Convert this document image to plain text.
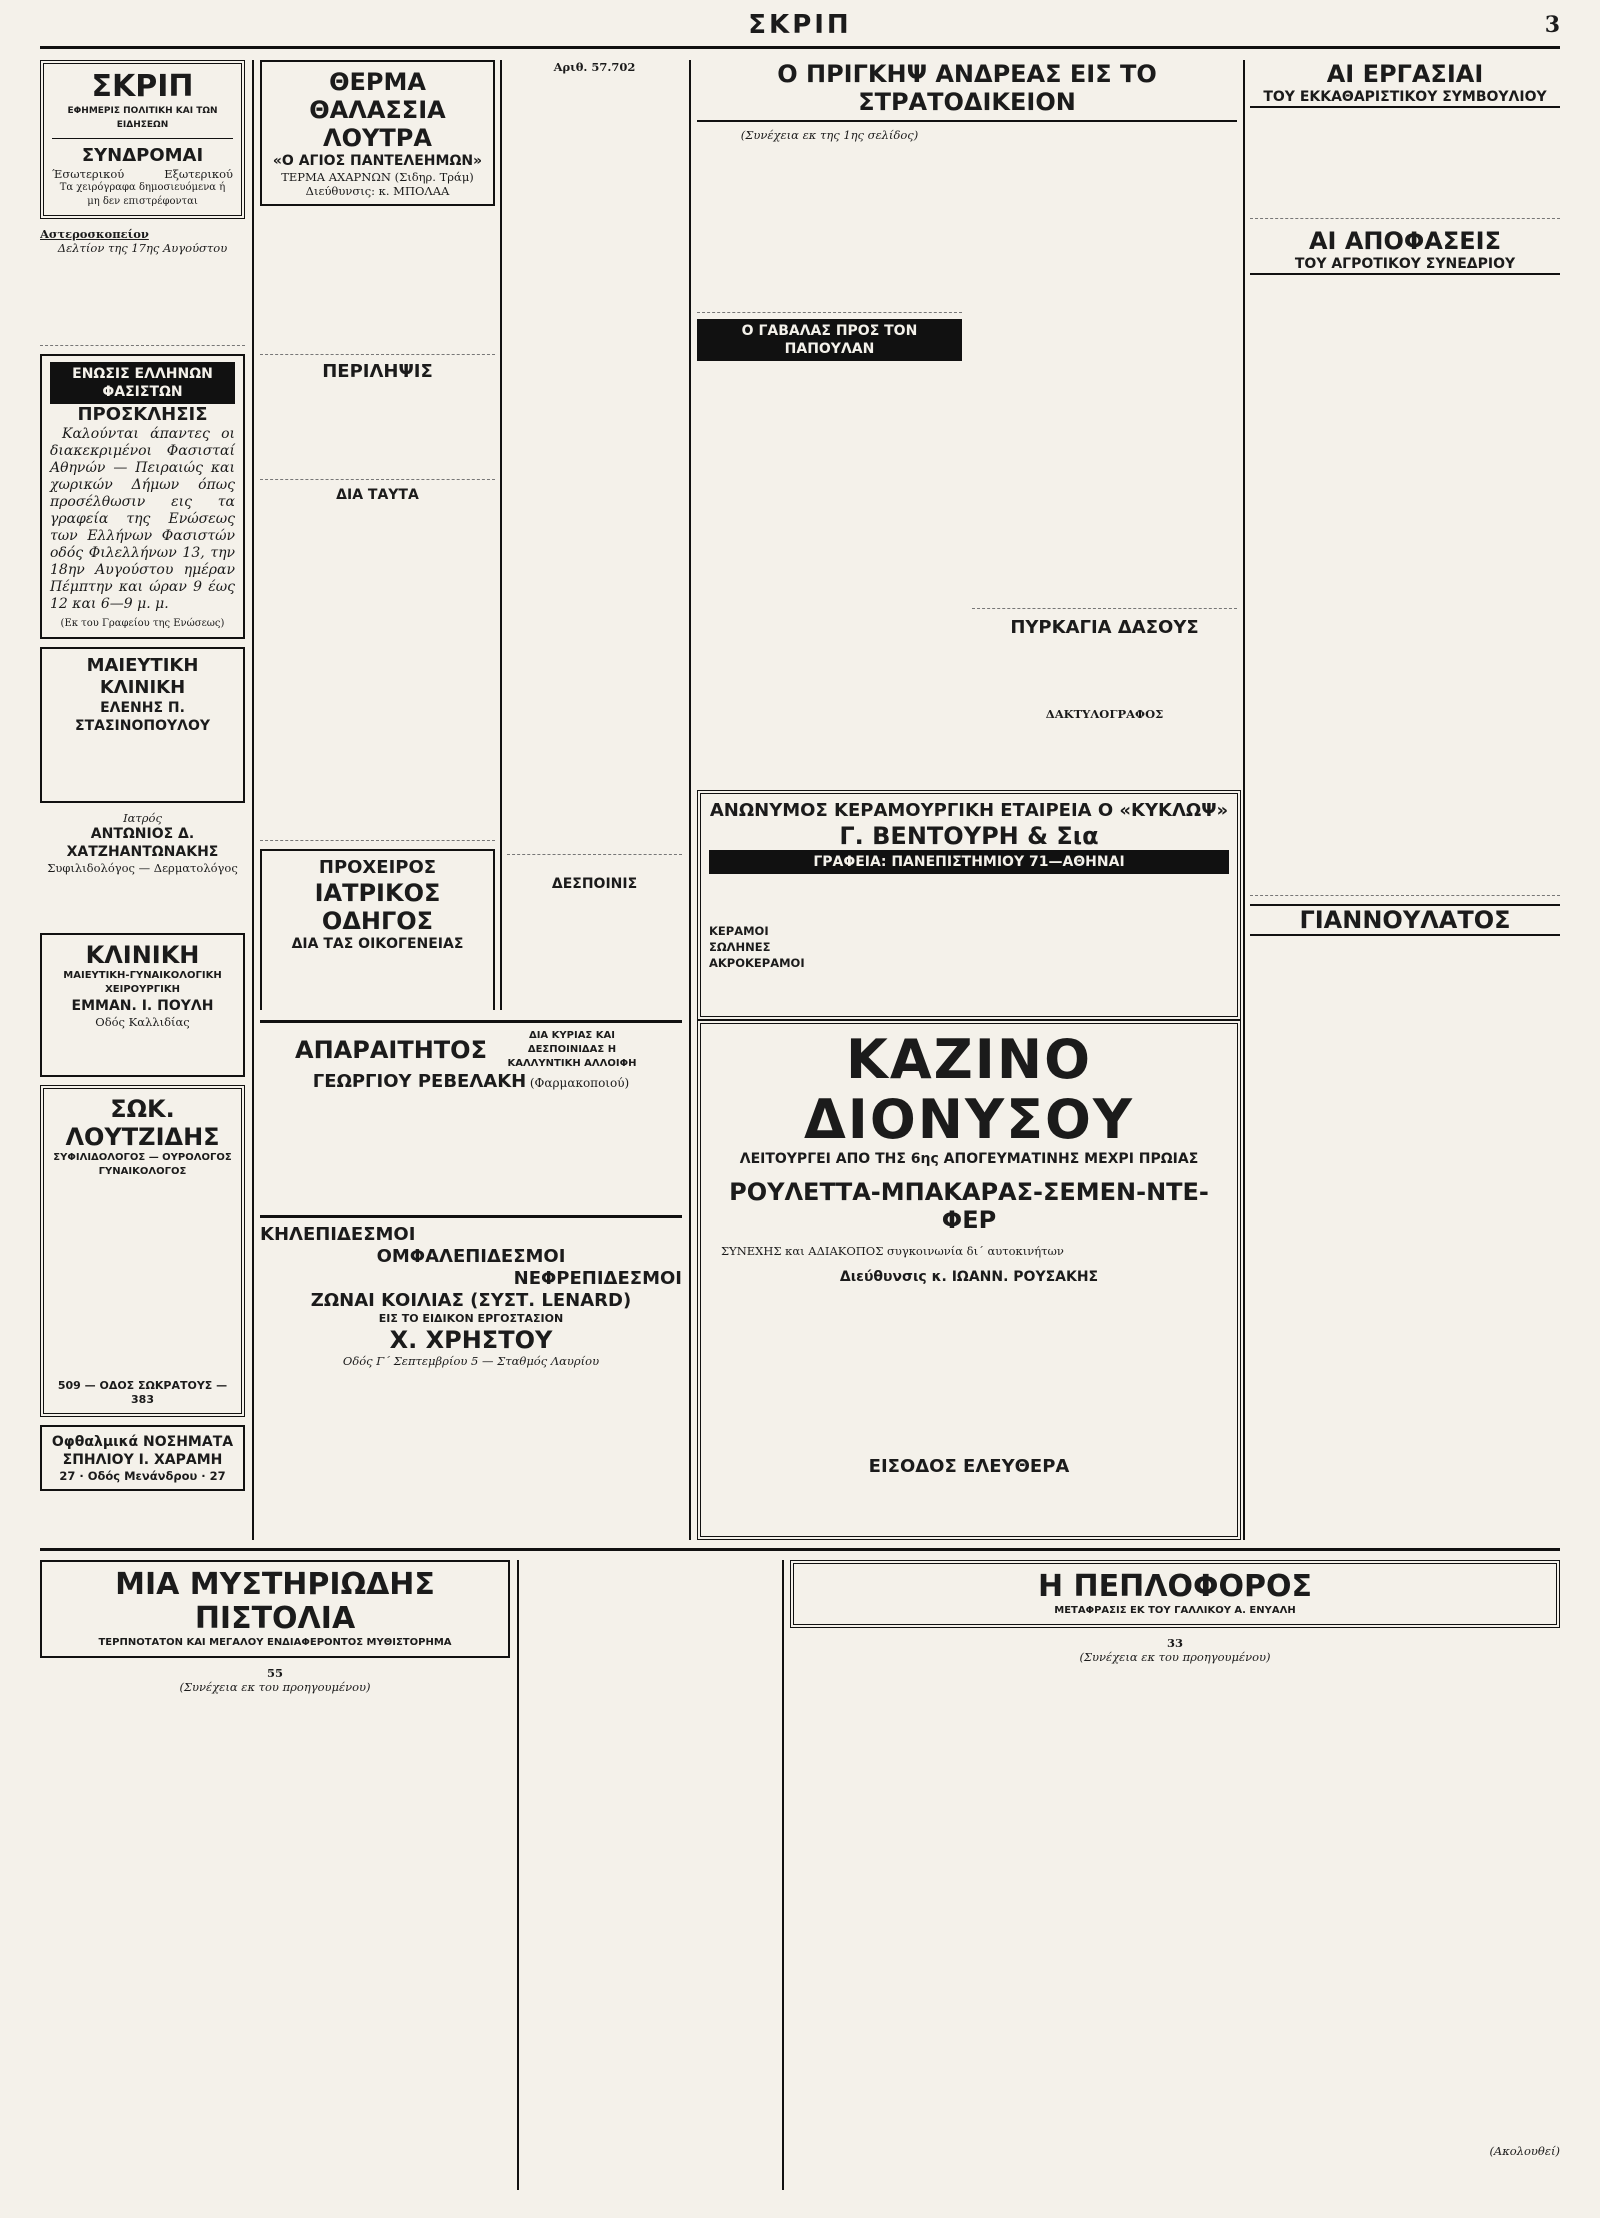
ΣΚΡΙΠ	3
ΣΚΡΙΠ
ΕΦΗΜΕΡΙΣ ΠΟΛΙΤΙΚΗ ΚΑΙ ΤΩΝ ΕΙΔΗΣΕΩΝ
ΣΥΝΔΡΟΜΑΙ
Έσωτερικού	Εξωτερικού
Τα χειρόγραφα δημοσιευόμενα ή μη δεν επιστρέφονται
Αστεροσκοπείον
Δελτίον της 17ης Αυγούστου
ΕΝΩΣΙΣ ΕΛΛΗΝΩΝ ΦΑΣΙΣΤΩΝ
ΠΡΟΣΚΛΗΣΙΣ

Καλούνται άπαντες οι διακεκριμένοι Φασισταί Αθηνών — Πειραιώς και χωρικών Δήμων όπως προσέλθωσιν εις τα γραφεία της Ενώσεως των Ελλήνων Φασιστών οδός Φιλελλήνων 13, την 18ην Αυγούστου ημέραν Πέμπτην και ώραν 9 έως 12 και 6—9 μ. μ.

(Εκ του Γραφείου της Ενώσεως)
ΜΑΙΕΥΤΙΚΗ ΚΛΙΝΙΚΗ
ΕΛΕΝΗΣ Π. ΣΤΑΣΙΝΟΠΟΥΛΟΥ
Ιατρός
ΑΝΤΩΝΙΟΣ Δ. ΧΑΤΖΗΑΝΤΩΝΑΚΗΣ
Συφιλιδολόγος — Δερματολόγος
ΚΛΙΝΙΚΗ
ΜΑΙΕΥΤΙΚΗ-ΓΥΝΑΙΚΟΛΟΓΙΚΗ ΧΕΙΡΟΥΡΓΙΚΗ
ΕΜΜΑΝ. Ι. ΠΟΥΛΗ
Οδός Καλλιδίας
ΣΩΚ. ΛΟΥΤΖΙΔΗΣ
ΣΥΦΙΛΙΔΟΛΟΓΟΣ — ΟΥΡΟΛΟΓΟΣ ΓΥΝΑΙΚΟΛΟΓΟΣ
509 — ΟΔΟΣ ΣΩΚΡΑΤΟΥΣ — 383
Οφθαλμικά ΝΟΣΗΜΑΤΑ
ΣΠΗΛΙΟΥ Ι. ΧΑΡΑΜΗ
27 · Οδός Μενάνδρου · 27
ΘΕΡΜΑ ΘΑΛΑΣΣΙΑ ΛΟΥΤΡΑ
«Ο ΑΓΙΟΣ ΠΑΝΤΕΛΕΗΜΩΝ»
ΤΕΡΜΑ ΑΧΑΡΝΩΝ (Σιδηρ. Τράμ)
Διεύθυνσις: κ. ΜΠΟΛΑΑ
ΠΕΡΙΛΗΨΙΣ
ΔΙΑ ΤΑΥΤΑ
ΠΡΟΧΕΙΡΟΣ
ΙΑΤΡΙΚΟΣ ΟΔΗΓΟΣ
ΔΙΑ ΤΑΣ ΟΙΚΟΓΕΝΕΙΑΣ
Αριθ. 57.702
ΔΕΣΠΟΙΝΙΣ
ΑΠΑΡΑΙΤΗΤΟΣ
ΔΙΑ ΚΥΡΙΑΣ ΚΑΙ ΔΕΣΠΟΙΝΙΔΑΣ Η ΚΑΛΛΥΝΤΙΚΗ ΑΛΛΟΙΦΗ
ΓΕΩΡΓΙΟΥ ΡΕΒΕΛΑΚΗ (Φαρμακοποιού)
ΚΗΛΕΠΙΔΕΣΜΟΙ
ΟΜΦΑΛΕΠΙΔΕΣΜΟΙ
ΝΕΦΡΕΠΙΔΕΣΜΟΙ
ΖΩΝΑΙ ΚΟΙΛΙΑΣ (ΣΥΣΤ. LENARD)
ΕΙΣ ΤΟ ΕΙΔΙΚΟΝ ΕΡΓΟΣΤΑΣΙΟΝ
Χ. ΧΡΗΣΤΟΥ
Οδός Γ΄ Σεπτεμβρίου 5 — Σταθμός Λαυρίου
Ο ΠΡΙΓΚΗΨ ΑΝΔΡΕΑΣ ΕΙΣ ΤΟ ΣΤΡΑΤΟΔΙΚΕΙΟΝ
(Συνέχεια εκ της 1ης σελίδος)
Ο ΓΑΒΑΛΑΣ ΠΡΟΣ ΤΟΝ ΠΑΠΟΥΛΑΝ
ΠΥΡΚΑΓΙΑ ΔΑΣΟΥΣ
ΔΑΚΤΥΛΟΓΡΑΦΟΣ
ΑΝΩΝΥΜΟΣ ΚΕΡΑΜΟΥΡΓΙΚΗ ΕΤΑΙΡΕΙΑ Ο «ΚΥΚΛΩΨ»
Γ. ΒΕΝΤΟΥΡΗ & Σια
ΓΡΑΦΕΙΑ: ΠΑΝΕΠΙΣΤΗΜΙΟΥ 71—ΑΘΗΝΑΙ
ΚΕΡΑΜΟΙ
ΣΩΛΗΝΕΣ
ΑΚΡΟΚΕΡΑΜΟΙ
ΚΑΖΙΝΟ ΔΙΟΝΥΣΟΥ
ΛΕΙΤΟΥΡΓΕΙ ΑΠΟ ΤΗΣ 6ης ΑΠΟΓΕΥΜΑΤΙΝΗΣ ΜΕΧΡΙ ΠΡΩΙΑΣ
ΡΟΥΛΕΤΤΑ-ΜΠΑΚΑΡΑΣ-ΣΕΜΕΝ-ΝΤΕ-ΦΕΡ

ΣΥΝΕΧΗΣ και ΑΔΙΑΚΟΠΟΣ συγκοινωνία δι΄ αυτοκινήτων

Διεύθυνσις κ. ΙΩΑΝΝ. ΡΟΥΣΑΚΗΣ
ΕΙΣΟΔΟΣ ΕΛΕΥΘΕΡΑ
ΑΙ ΕΡΓΑΣΙΑΙ
ΤΟΥ ΕΚΚΑΘΑΡΙΣΤΙΚΟΥ ΣΥΜΒΟΥΛΙΟΥ
ΑΙ ΑΠΟΦΑΣΕΙΣ
ΤΟΥ ΑΓΡΟΤΙΚΟΥ ΣΥΝΕΔΡΙΟΥ
ΓΙΑΝΝΟΥΛΑΤΟΣ
ΜΙΑ ΜΥΣΤΗΡΙΩΔΗΣ ΠΙΣΤΟΛΙΑ
ΤΕΡΠΝΟΤΑΤΟΝ ΚΑΙ ΜΕΓΑΛΟΥ ΕΝΔΙΑΦΕΡΟΝΤΟΣ ΜΥΘΙΣΤΟΡΗΜΑ
55
(Συνέχεια εκ του προηγουμένου)
Η ΠΕΠΛΟΦΟΡΟΣ
ΜΕΤΑΦΡΑΣΙΣ ΕΚ ΤΟΥ ΓΑΛΛΙΚΟΥ Α. ΕΝΥΑΛΗ
33
(Συνέχεια εκ του προηγουμένου)
(Ακολουθεί)
